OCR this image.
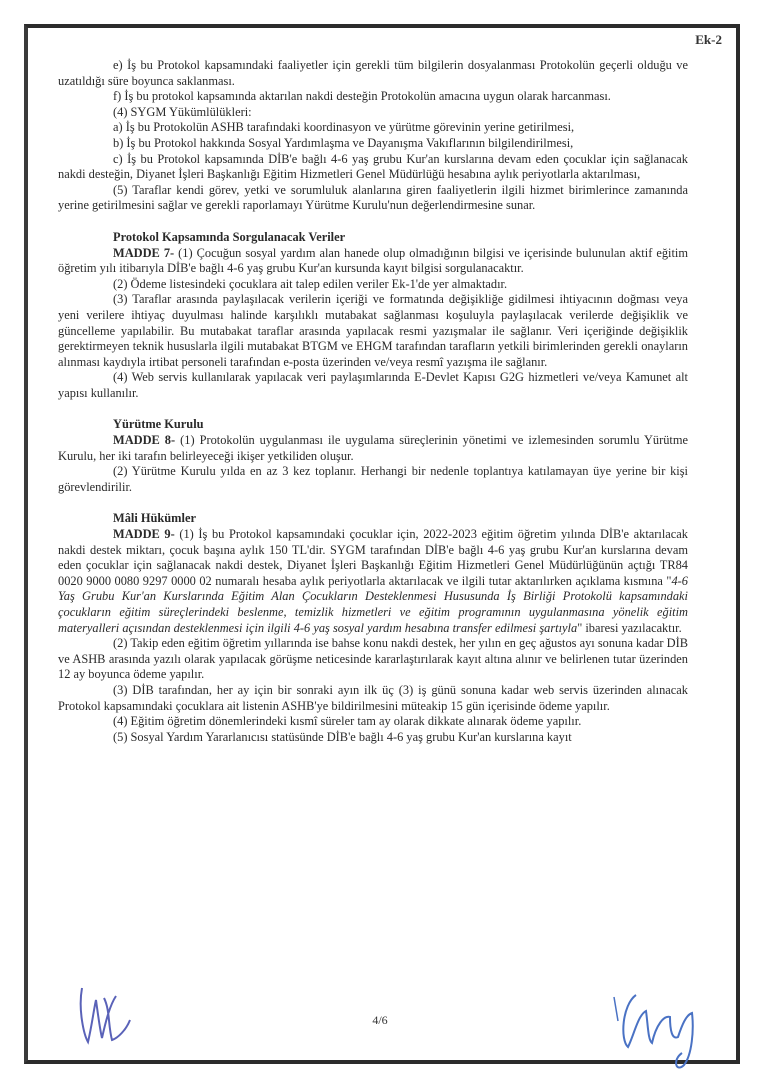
Ek-2

e) İş bu Protokol kapsamındaki faaliyetler için gerekli tüm bilgilerin dosyalanması Protokolün geçerli olduğu ve uzatıldığı süre boyunca saklanması.

f) İş bu protokol kapsamında aktarılan nakdi desteğin Protokolün amacına uygun olarak harcanması.

(4) SYGM Yükümlülükleri:

a) İş bu Protokolün ASHB tarafındaki koordinasyon ve yürütme görevinin yerine getirilmesi,

b) İş bu Protokol hakkında Sosyal Yardımlaşma ve Dayanışma Vakıflarının bilgilendirilmesi,

c) İş bu Protokol kapsamında DİB'e bağlı 4-6 yaş grubu Kur'an kurslarına devam eden çocuklar için sağlanacak nakdi desteğin, Diyanet İşleri Başkanlığı Eğitim Hizmetleri Genel Müdürlüğü hesabına aylık periyotlarla aktarılması,

(5) Taraflar kendi görev, yetki ve sorumluluk alanlarına giren faaliyetlerin ilgili hizmet birimlerince zamanında yerine getirilmesini sağlar ve gerekli raporlamayı Yürütme Kurulu'nun değerlendirmesine sunar.

Protokol Kapsamında Sorgulanacak Veriler

MADDE 7- (1) Çocuğun sosyal yardım alan hanede olup olmadığının bilgisi ve içerisinde bulunulan aktif eğitim öğretim yılı itibarıyla DİB'e bağlı 4-6 yaş grubu Kur'an kursunda kayıt bilgisi sorgulanacaktır.

(2) Ödeme listesindeki çocuklara ait talep edilen veriler Ek-1'de yer almaktadır.

(3) Taraflar arasında paylaşılacak verilerin içeriği ve formatında değişikliğe gidilmesi ihtiyacının doğması veya yeni verilere ihtiyaç duyulması halinde karşılıklı mutabakat sağlanması koşuluyla paylaşılacak verilerde değişiklik ve güncelleme yapılabilir. Bu mutabakat taraflar arasında yapılacak resmi yazışmalar ile sağlanır. Veri içeriğinde değişiklik gerektirmeyen teknik hususlarla ilgili mutabakat BTGM ve EHGM tarafından tarafların yetkili birimlerinden gerekli onayların alınması kaydıyla irtibat personeli tarafından e-posta üzerinden ve/veya resmî yazışma ile sağlanır.

(4) Web servis kullanılarak yapılacak veri paylaşımlarında E-Devlet Kapısı G2G hizmetleri ve/veya Kamunet alt yapısı kullanılır.

Yürütme Kurulu

MADDE 8- (1) Protokolün uygulanması ile uygulama süreçlerinin yönetimi ve izlemesinden sorumlu Yürütme Kurulu, her iki tarafın belirleyeceği ikişer yetkiliden oluşur.

(2) Yürütme Kurulu yılda en az 3 kez toplanır. Herhangi bir nedenle toplantıya katılamayan üye yerine bir kişi görevlendirilir.

Mâli Hükümler

MADDE 9- (1) İş bu Protokol kapsamındaki çocuklar için, 2022-2023 eğitim öğretim yılında DİB'e aktarılacak nakdi destek miktarı, çocuk başına aylık 150 TL'dir. SYGM tarafından DİB'e bağlı 4-6 yaş grubu Kur'an kurslarına devam eden çocuklar için sağlanacak nakdi destek, Diyanet İşleri Başkanlığı Eğitim Hizmetleri Genel Müdürlüğünün açtığı TR84 0020 9000 0080 9297 0000 02 numaralı hesaba aylık periyotlarla aktarılacak ve ilgili tutar aktarılırken açıklama kısmına "4-6 Yaş Grubu Kur'an Kurslarında Eğitim Alan Çocukların Desteklenmesi Hususunda İş Birliği Protokolü kapsamındaki çocukların eğitim süreçlerindeki beslenme, temizlik hizmetleri ve eğitim programının uygulanmasına yönelik eğitim materyalleri açısından desteklenmesi için ilgili 4-6 yaş sosyal yardım hesabına transfer edilmesi şartıyla" ibaresi yazılacaktır.

(2) Takip eden eğitim öğretim yıllarında ise bahse konu nakdi destek, her yılın en geç ağustos ayı sonuna kadar DİB ve ASHB arasında yazılı olarak yapılacak görüşme neticesinde kararlaştırılarak kayıt altına alınır ve belirlenen tutar üzerinden 12 ay boyunca ödeme yapılır.

(3) DİB tarafından, her ay için bir sonraki ayın ilk üç (3) iş günü sonuna kadar web servis üzerinden alınacak Protokol kapsamındaki çocuklara ait listenin ASHB'ye bildirilmesini müteakip 15 gün içerisinde ödeme yapılır.

(4) Eğitim öğretim dönemlerindeki kısmî süreler tam ay olarak dikkate alınarak ödeme yapılır.

(5) Sosyal Yardım Yararlanıcısı statüsünde DİB'e bağlı 4-6 yaş grubu Kur'an kurslarına kayıt

4/6
